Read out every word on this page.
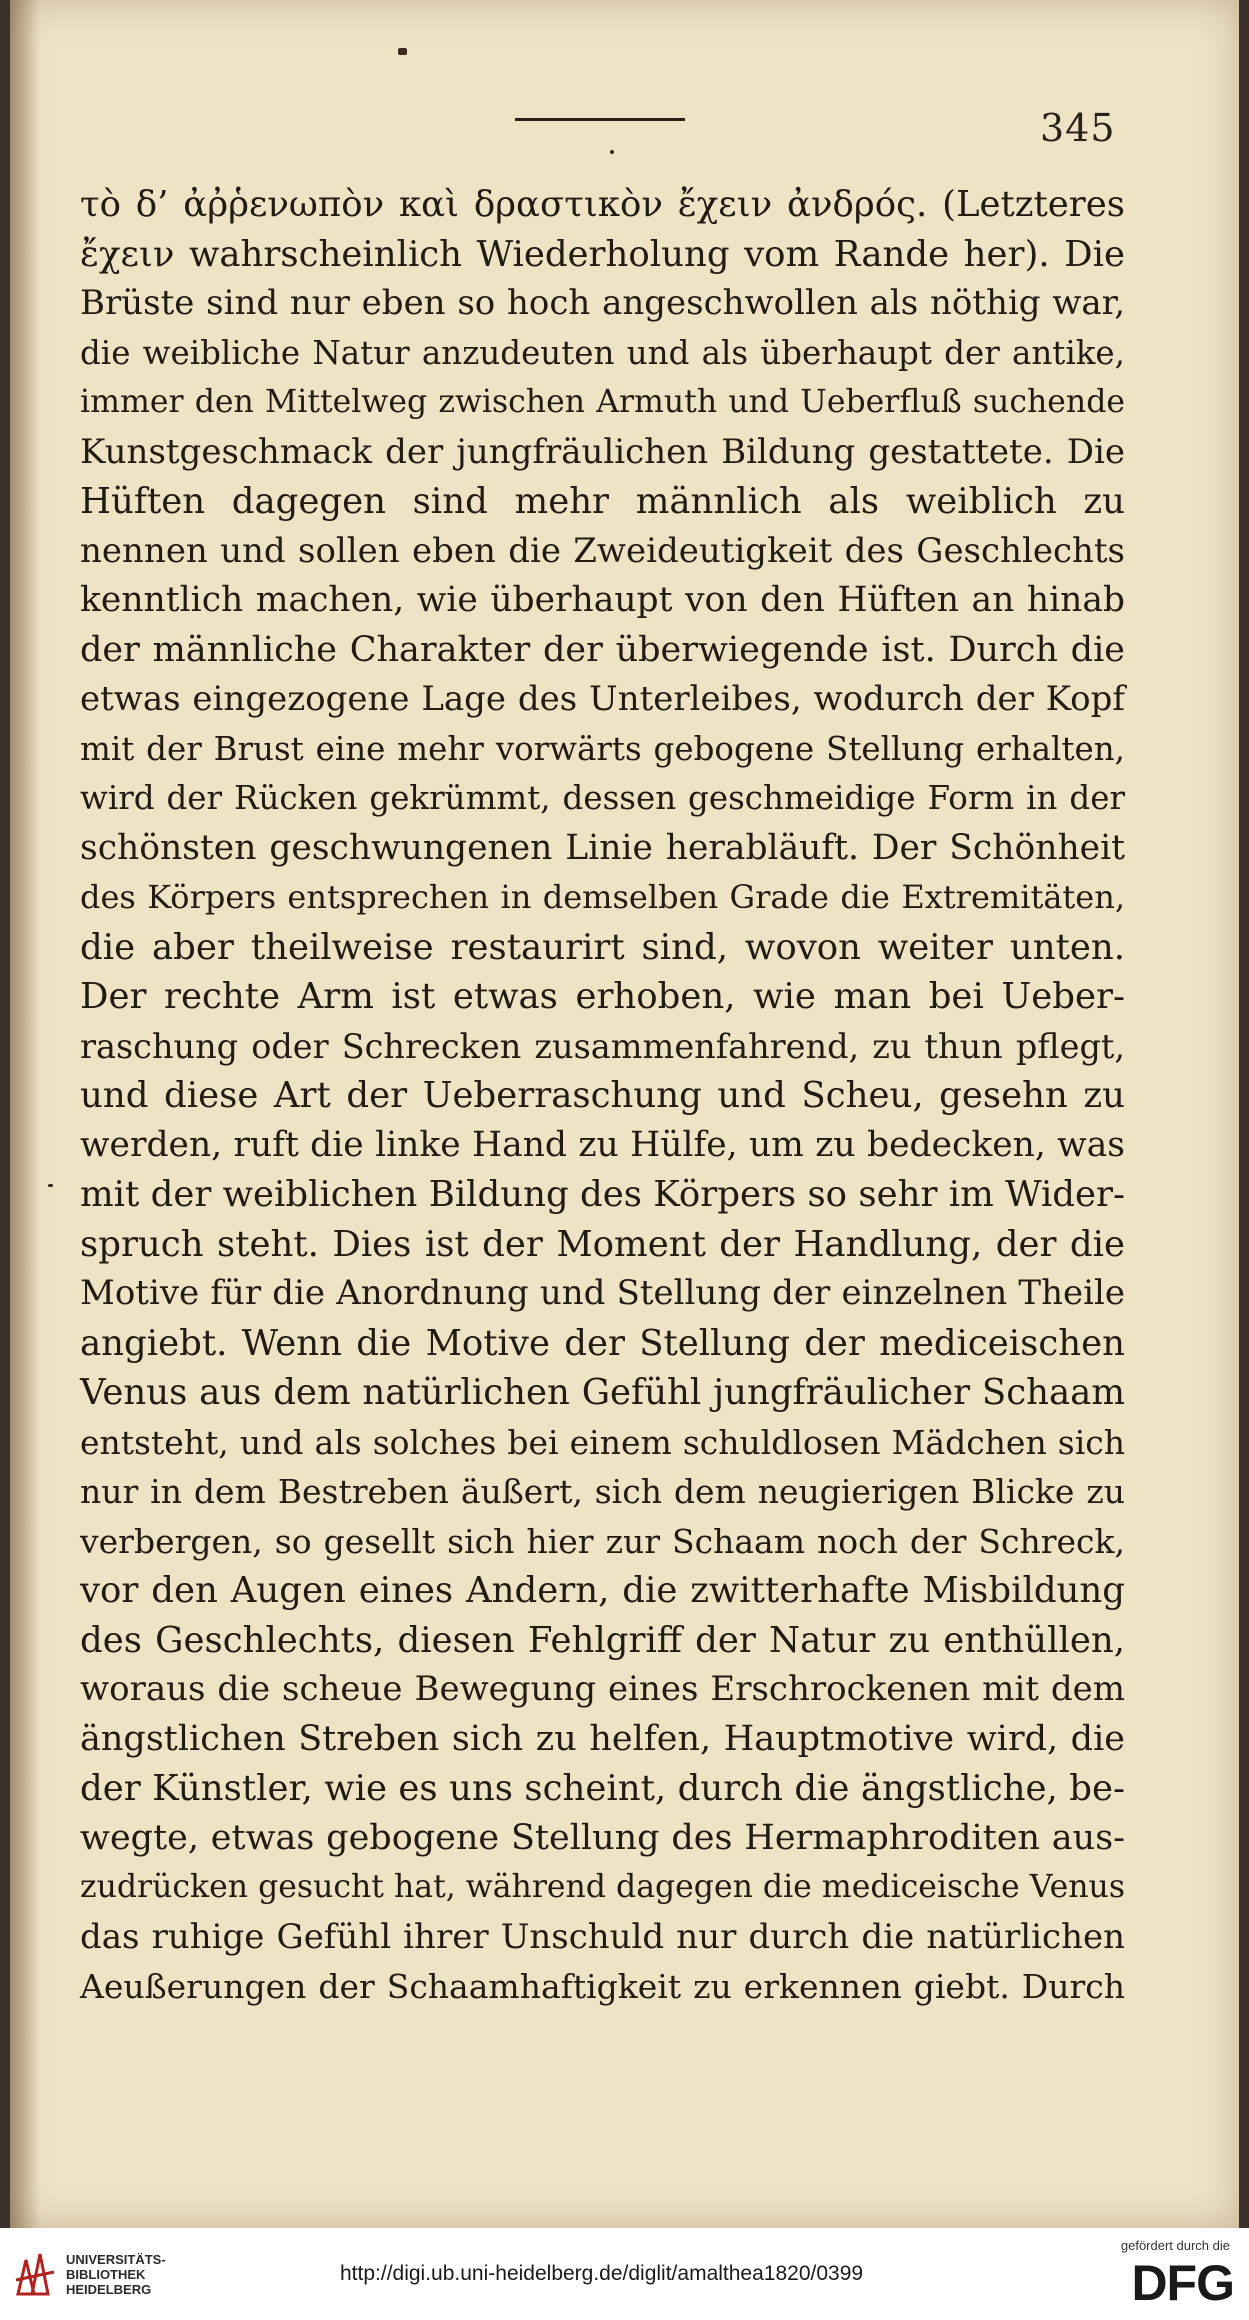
345
τὸ δ’ ἀῤῥενωπὸν καὶ δραστικὸν ἔχειν ἀνδρός. (Letzteres
ἔχειν wahrscheinlich Wiederholung vom Rande her). Die
Brüste sind nur eben so hoch angeschwollen als nöthig war,
die weibliche Natur anzudeuten und als überhaupt der antike,
immer den Mittelweg zwischen Armuth und Ueberfluß suchende
Kunstgeschmack der jungfräulichen Bildung gestattete. Die
Hüften dagegen sind mehr männlich als weiblich zu
nennen und sollen eben die Zweideutigkeit des Geschlechts
kenntlich machen, wie überhaupt von den Hüften an hinab
der männliche Charakter der überwiegende ist. Durch die
etwas eingezogene Lage des Unterleibes, wodurch der Kopf
mit der Brust eine mehr vorwärts gebogene Stellung erhalten,
wird der Rücken gekrümmt, dessen geschmeidige Form in der
schönsten geschwungenen Linie herabläuft. Der Schönheit
des Körpers entsprechen in demselben Grade die Extremitäten,
die aber theilweise restaurirt sind, wovon weiter unten.
Der rechte Arm ist etwas erhoben, wie man bei Ueber-
raschung oder Schrecken zusammenfahrend, zu thun pflegt,
und diese Art der Ueberraschung und Scheu, gesehn zu
werden, ruft die linke Hand zu Hülfe, um zu bedecken, was
mit der weiblichen Bildung des Körpers so sehr im Wider-
spruch steht. Dies ist der Moment der Handlung, der die
Motive für die Anordnung und Stellung der einzelnen Theile
angiebt. Wenn die Motive der Stellung der mediceischen
Venus aus dem natürlichen Gefühl jungfräulicher Schaam
entsteht, und als solches bei einem schuldlosen Mädchen sich
nur in dem Bestreben äußert, sich dem neugierigen Blicke zu
verbergen, so gesellt sich hier zur Schaam noch der Schreck,
vor den Augen eines Andern, die zwitterhafte Misbildung
des Geschlechts, diesen Fehlgriff der Natur zu enthüllen,
woraus die scheue Bewegung eines Erschrockenen mit dem
ängstlichen Streben sich zu helfen, Hauptmotive wird, die
der Künstler, wie es uns scheint, durch die ängstliche, be-
wegte, etwas gebogene Stellung des Hermaphroditen aus-
zudrücken gesucht hat, während dagegen die mediceische Venus
das ruhige Gefühl ihrer Unschuld nur durch die natürlichen
Aeußerungen der Schaamhaftigkeit zu erkennen giebt. Durch
UNIVERSITÄTS-
BIBLIOTHEK
HEIDELBERG
http://digi.ub.uni-heidelberg.de/diglit/amalthea1820/0399
gefördert durch die
DFG
